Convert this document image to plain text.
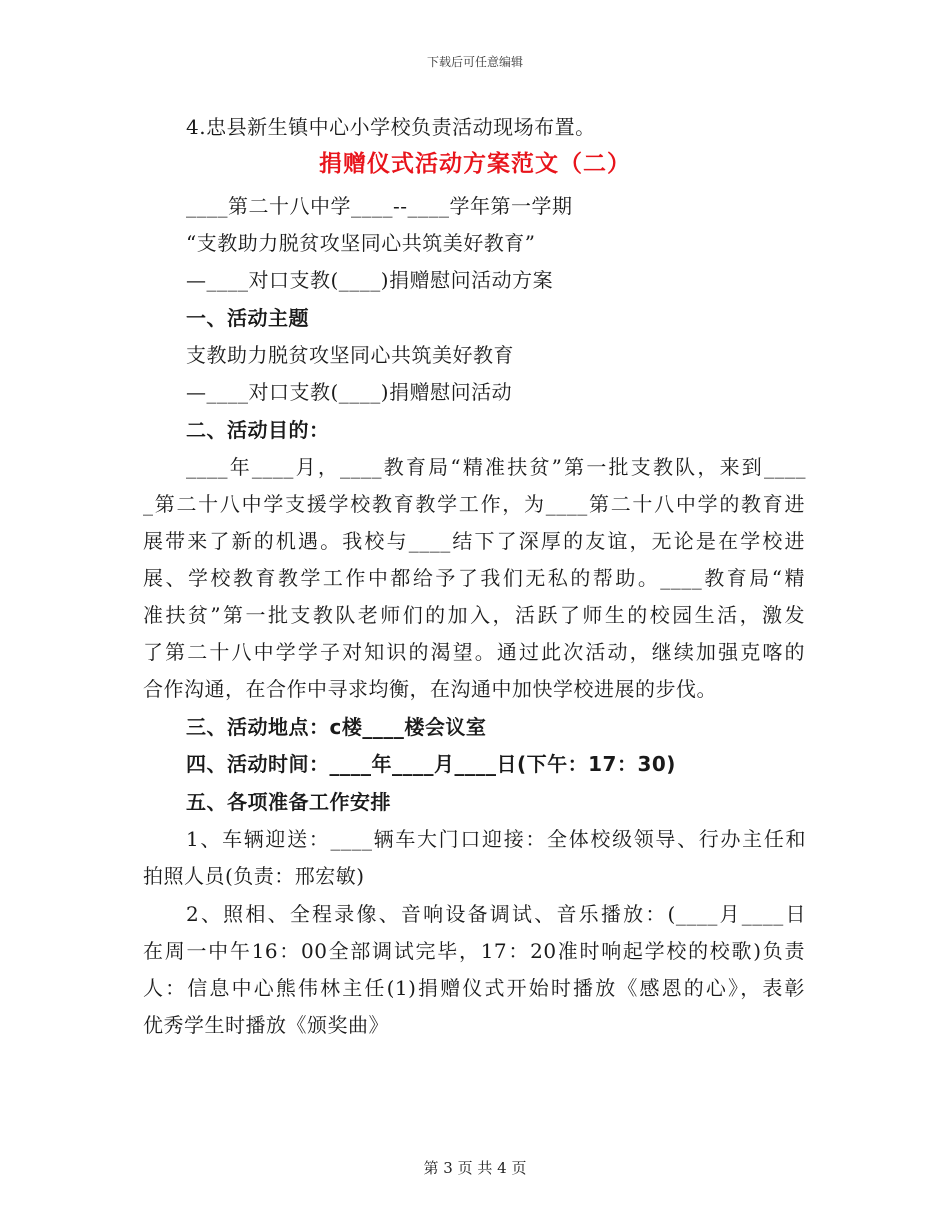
下载后可任意编辑
4.忠县新生镇中心小学校负责活动现场布置。
捐赠仪式活动方案范文（二）
____第二十八中学____--____学年第一学期
“支教助力脱贫攻坚同心共筑美好教育”
—____对口支教(____)捐赠慰问活动方案
一、活动主题
支教助力脱贫攻坚同心共筑美好教育
—____对口支教(____)捐赠慰问活动
二、活动目的：
____年____月，____教育局“精准扶贫”第一批支教队，来到____
_第二十八中学支援学校教育教学工作，为____第二十八中学的教育进
展带来了新的机遇。我校与____结下了深厚的友谊，无论是在学校进
展、学校教育教学工作中都给予了我们无私的帮助。____教育局“精
准扶贫”第一批支教队老师们的加入，活跃了师生的校园生活，激发
了第二十八中学学子对知识的渴望。通过此次活动，继续加强克喀的
合作沟通，在合作中寻求均衡，在沟通中加快学校进展的步伐。
三、活动地点：c楼____楼会议室
四、活动时间：____年____月____日(下午：17：30)
五、各项准备工作安排
1、车辆迎送：____辆车大门口迎接：全体校级领导、行办主任和
拍照人员(负责：邢宏敏)
2、照相、全程录像、音响设备调试、音乐播放：(____月____日
在周一中午16：00全部调试完毕，17：20准时响起学校的校歌)负责
人：信息中心熊伟林主任(1)捐赠仪式开始时播放《感恩的心》，表彰
优秀学生时播放《颁奖曲》
第 3 页 共 4 页
